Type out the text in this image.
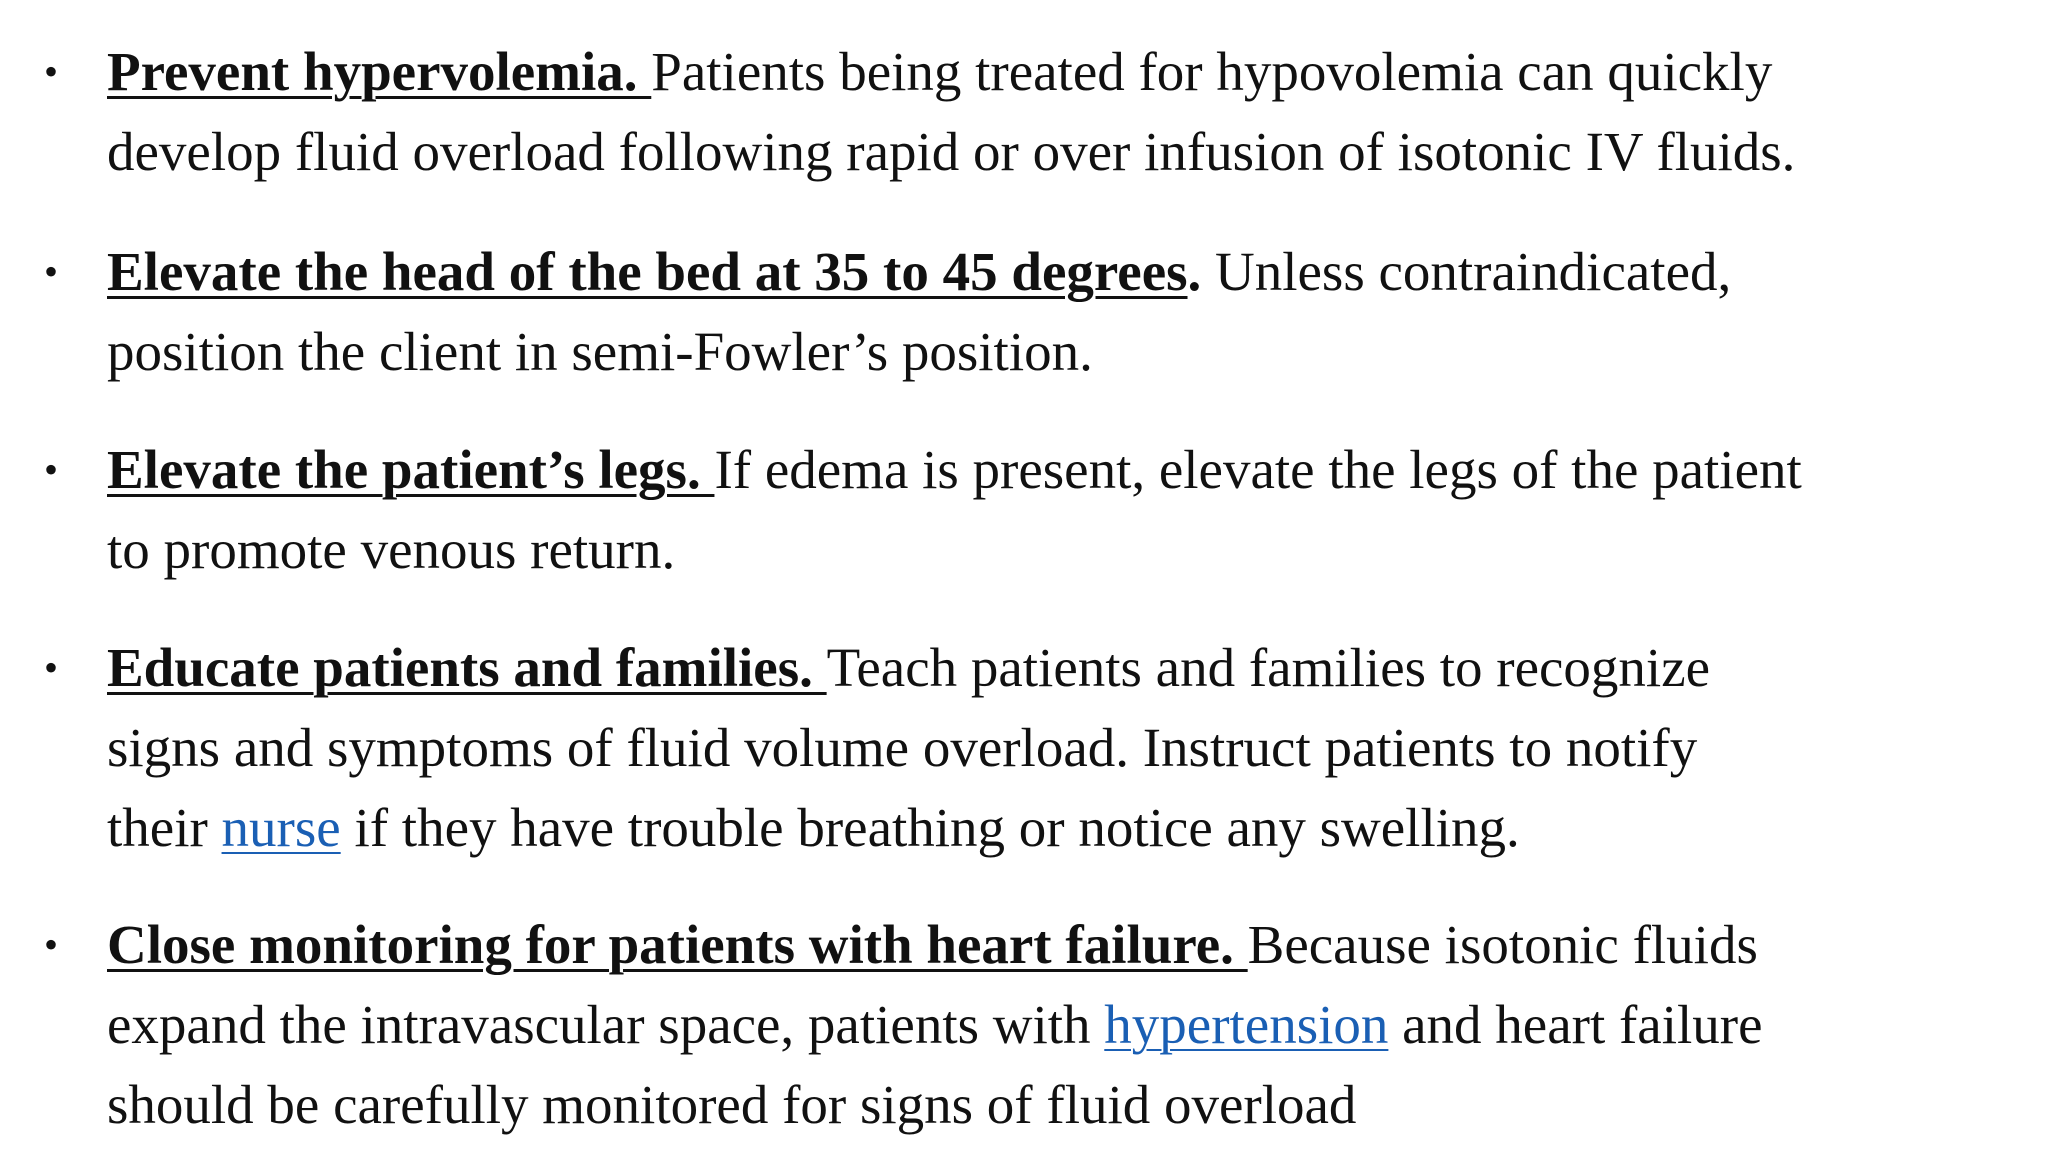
• Prevent hypervolemia. Patients being treated for hypovolemia can quickly
develop fluid overload following rapid or over infusion of isotonic IV fluids.
• Elevate the head of the bed at 35 to 45 degrees. Unless contraindicated,
position the client in semi-Fowler’s position.
• Elevate the patient’s legs. If edema is present, elevate the legs of the patient
to promote venous return.
• Educate patients and families. Teach patients and families to recognize
signs and symptoms of fluid volume overload. Instruct patients to notify
their nurse if they have trouble breathing or notice any swelling.
• Close monitoring for patients with heart failure. Because isotonic fluids
expand the intravascular space, patients with hypertension and heart failure
should be carefully monitored for signs of fluid overload
